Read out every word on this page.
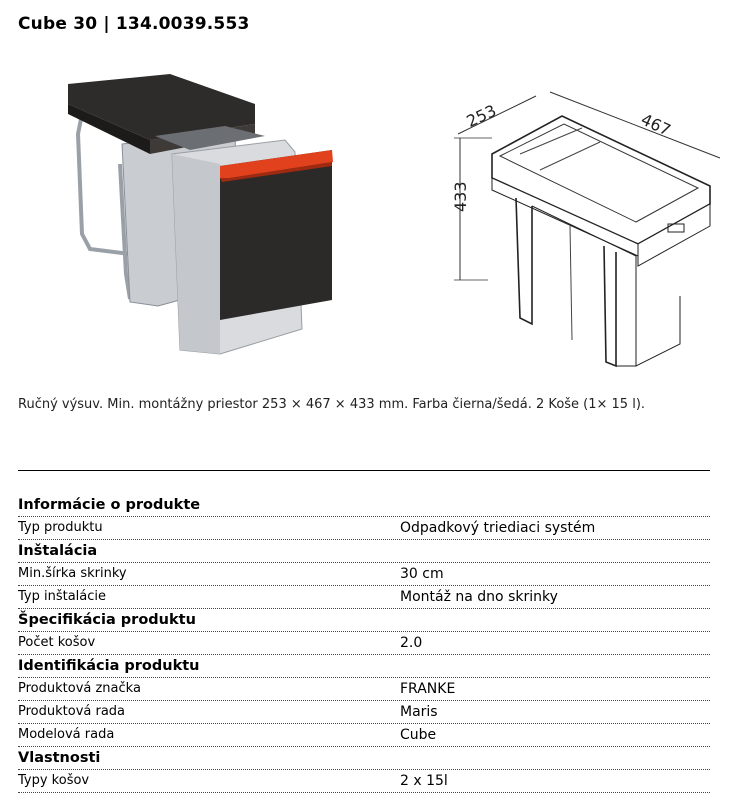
Cube 30 | 134.0039.553
253	467
433
Ručný výsuv. Min. montážny priestor 253 × 467 × 433 mm. Farba čierna/šedá. 2 Koše (1× 15 l).
Informácie o produkte
Typ produktu	Odpadkový triediaci systém
Inštalácia
Min.šírka skrinky	30 cm
Typ inštalácie	Montáž na dno skrinky
Špecifikácia produktu
Počet košov	2.0
Identifikácia produktu
Produktová značka	FRANKE
Produktová rada	Maris
Modelová rada	Cube
Vlastnosti
Typy košov	2 x 15l
